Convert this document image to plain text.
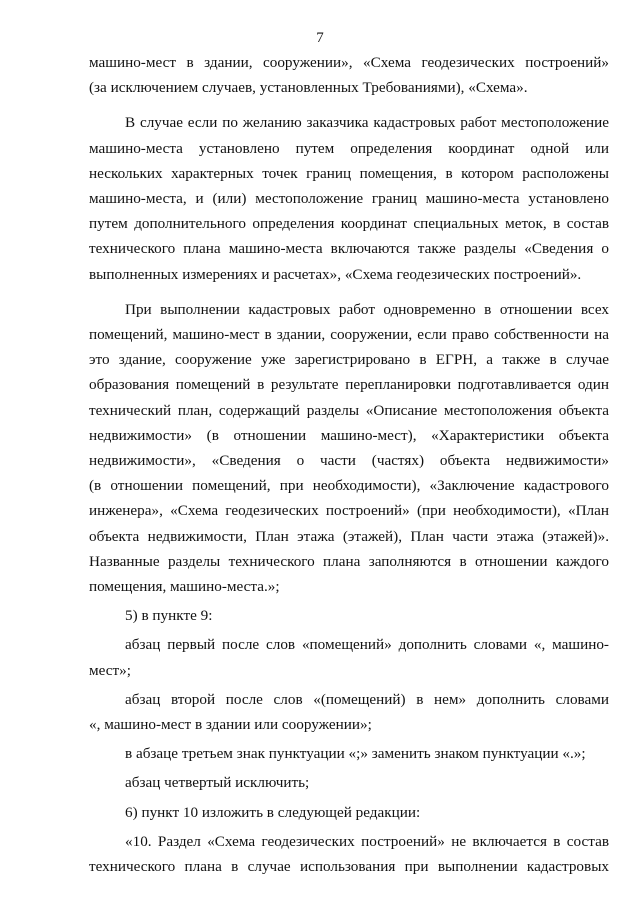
7

машино-мест в здании, сооружении», «Схема геодезических построений»
(за исключением случаев, установленных Требованиями), «Схема».

В случае если по желанию заказчика кадастровых работ местоположение
машино-места установлено путем определения координат одной или
нескольких характерных точек границ помещения, в котором расположены
машино-места, и (или) местоположение границ машино-места установлено
путем дополнительного определения координат специальных меток, в состав
технического плана машино-места включаются также разделы «Сведения о
выполненных измерениях и расчетах», «Схема геодезических построений».

При выполнении кадастровых работ одновременно в отношении всех
помещений, машино-мест в здании, сооружении, если право собственности на
это здание, сооружение уже зарегистрировано в ЕГРН, а также в случае
образования помещений в результате перепланировки подготавливается один
технический план, содержащий разделы «Описание местоположения объекта
недвижимости» (в отношении машино-мест), «Характеристики объекта
недвижимости», «Сведения о части (частях) объекта недвижимости»
(в отношении помещений, при необходимости), «Заключение кадастрового
инженера», «Схема геодезических построений» (при необходимости), «План
объекта недвижимости, План этажа (этажей), План части этажа (этажей)».
Названные разделы технического плана заполняются в отношении каждого
помещения, машино-места.»;

5) в пункте 9:

абзац первый после слов «помещений» дополнить словами «, машино-
мест»;

абзац второй после слов «(помещений) в нем» дополнить словами
«, машино-мест в здании или сооружении»;

в абзаце третьем знак пунктуации «;» заменить знаком пунктуации «.»;

абзац четвертый исключить;

6) пункт 10 изложить в следующей редакции:

«10. Раздел «Схема геодезических построений» не включается в состав
технического плана в случае использования при выполнении кадастровых
